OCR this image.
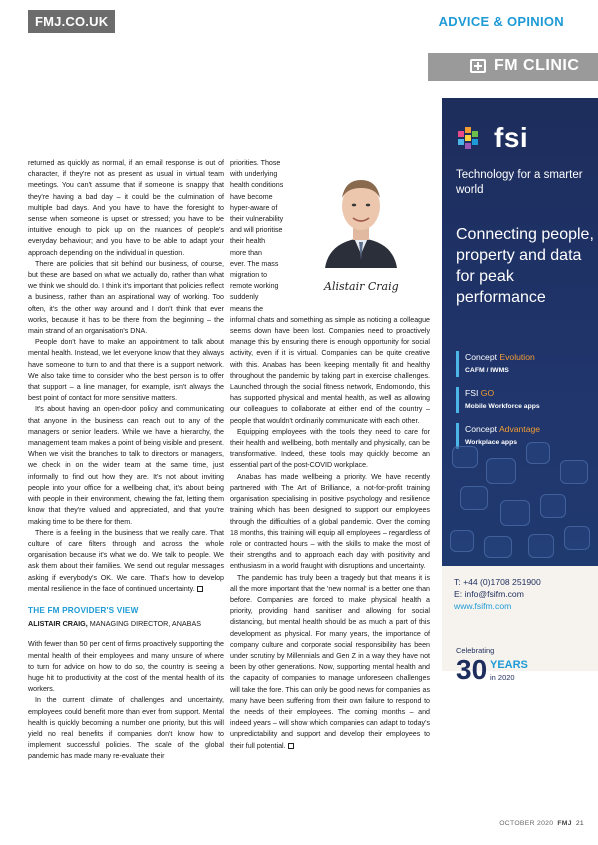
FMJ.CO.UK	ADVICE & OPINION
FM CLINIC

returned as quickly as normal, if an email response is out of character, if they're not as present as usual in virtual team meetings. You can't assume that if someone is snappy that they're having a bad day – it could be the culmination of multiple bad days. And you have to have the foresight to sense when someone is upset or stressed; you have to be intuitive enough to pick up on the nuances of people's everyday behaviour; and you have to be able to adapt your approach depending on the individual in question.

There are policies that sit behind our business, of course, but these are based on what we actually do, rather than what we think we should do. I think it's important that policies reflect a business, rather than an aspirational way of working. Too often, it's the other way around and I don't think that ever works, because it has to be there from the beginning – the main strand of an organisation's DNA.

People don't have to make an appointment to talk about mental health. Instead, we let everyone know that they always have someone to turn to and that there is a support network. We also take time to consider who the best person is to offer that support – a line manager, for example, isn't always the best point of contact for more sensitive matters.

It's about having an open-door policy and communicating that anyone in the business can reach out to any of the managers or senior leaders. While we have a hierarchy, the management team makes a point of being visible and present. When we visit the branches to talk to directors or managers, we check in on the wider team at the same time, just informally to find out how they are. It's not about inviting people into your office for a wellbeing chat, it's about being with people in their environment, chewing the fat, letting them know that they're valued and appreciated, and that you're making time to be there for them.

There is a feeling in the business that we really care. That culture of care filters through and across the whole organisation because it's what we do. We talk to people. We ask them about their families. We send out regular messages asking if everybody's OK. We care. That's how to develop mental resilience in the face of continued uncertainty.

THE FM PROVIDER'S VIEW
ALISTAIR CRAIG, MANAGING DIRECTOR, ANABAS

With fewer than 50 per cent of firms proactively supporting the mental health of their employees and many unsure of where to turn for advice on how to do so, the country is seeing a huge hit to productivity at the cost of the mental health of its workers.

In the current climate of challenges and uncertainty, employees could benefit more than ever from support. Mental health is quickly becoming a number one priority, but this will yield no real benefits if companies don't know how to implement successful policies. The scale of the global pandemic has made many re-evaluate their

priorities. Those
with underlying
health conditions
have become
hyper-aware of
their vulnerability
and will prioritise
their health
more than
ever. The mass
migration to
remote working
suddenly
means the

informal chats and something as simple as noticing a colleague seems down have been lost. Companies need to proactively manage this by ensuring there is enough opportunity for social activity, even if it is virtual. Companies can be quite creative with this. Anabas has been keeping mentally fit and healthy throughout the pandemic by taking part in exercise challenges. Launched through the social fitness network, Endomondo, this has supported physical and mental health, as well as allowing our colleagues to collaborate at either end of the country – people that wouldn't ordinarily communicate with each other.

Equipping employees with the tools they need to care for their health and wellbeing, both mentally and physically, can be transformative. Indeed, these tools may quickly become an essential part of the post-COVID workplace.

Anabas has made wellbeing a priority. We have recently partnered with The Art of Brilliance, a not-for-profit training organisation specialising in positive psychology and resilience training which has been designed to support our employees through the difficulties of a global pandemic. Over the coming 18 months, this training will equip all employees – regardless of role or contracted hours – with the skills to make the most of their strengths and to approach each day with positivity and enthusiasm in a world fraught with disruptions and uncertainty.

The pandemic has truly been a tragedy but that means it is all the more important that the 'new normal' is a better one than before. Companies are forced to make physical health a priority, providing hand sanitiser and allowing for social distancing, but mental health should be as much a part of this development as physical. For many years, the importance of company culture and corporate social responsibility has been under scrutiny by Millennials and Gen Z in a way they have not been by other generations. Now, supporting mental health and the capacity of companies to manage unforeseen challenges will take the fore. This can only be good news for companies as many have been suffering from their own failure to respond to the needs of their employees. The coming months – and indeed years – will show which companies can adapt to today's unpredictability and support and develop their employees to their full potential.

Alistair Craig
fsi
Technology for a smarter world
Connecting people, property and data for peak performance
Concept Evolution
CAFM / IWMS
FSI GO
Mobile Workforce apps
Concept Advantage
Workplace apps
T: +44 (0)1708 251900
E: info@fsifm.com
www.fsifm.com
Celebrating
30 YEARS
in 2020
OCTOBER 2020 FMJ 21
